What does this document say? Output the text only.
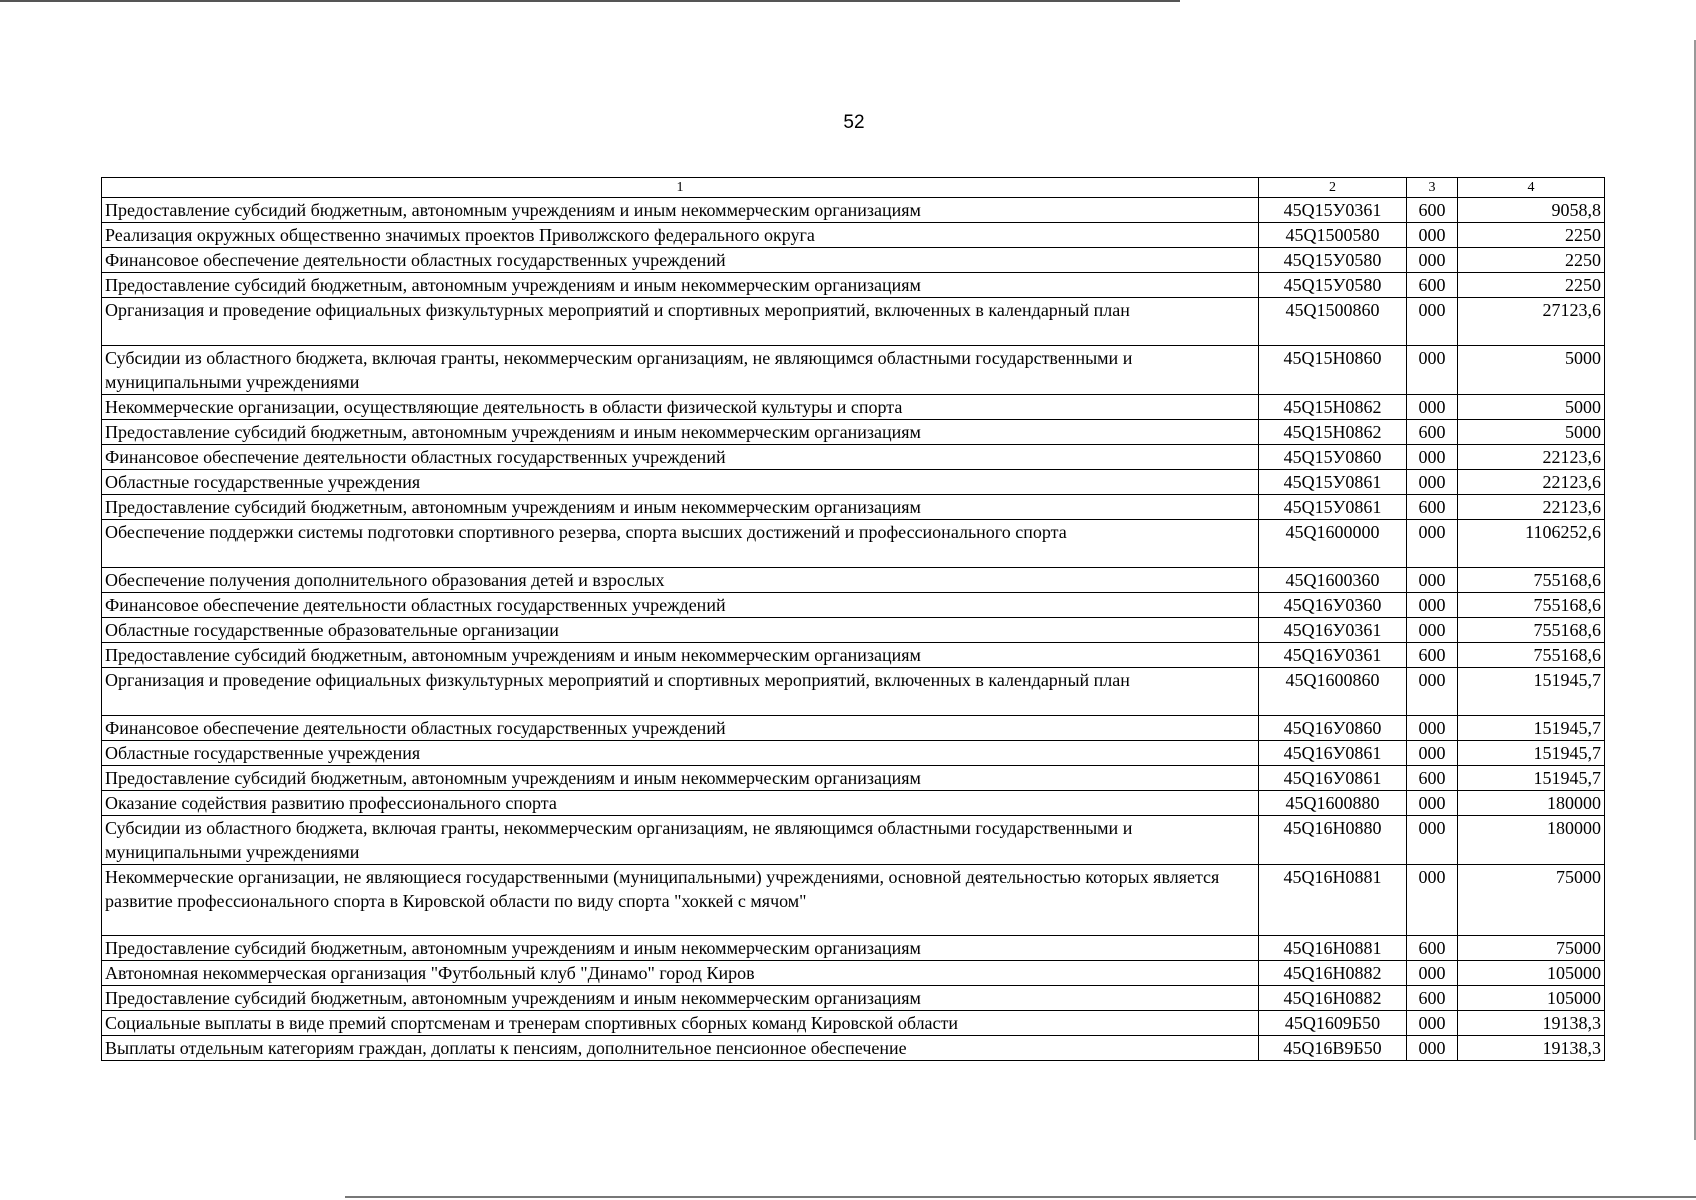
52
1	2	3	4
Предоставление субсидий бюджетным, автономным учреждениям и иным некоммерческим организациям	45Q15У0361	600	9058,8
Реализация окружных общественно значимых проектов Приволжского федерального округа	45Q1500580	000	2250
Финансовое обеспечение деятельности областных государственных учреждений	45Q15У0580	000	2250
Предоставление субсидий бюджетным, автономным учреждениям и иным некоммерческим организациям	45Q15У0580	600	2250
Организация и проведение официальных физкультурных мероприятий и спортивных мероприятий, включенных в календарный план	45Q1500860	000	27123,6
Субсидии из областного бюджета, включая гранты, некоммерческим организациям, не являющимся областными государственными и муниципальными учреждениями	45Q15H0860	000	5000
Некоммерческие организации, осуществляющие деятельность в области физической культуры и спорта	45Q15H0862	000	5000
Предоставление субсидий бюджетным, автономным учреждениям и иным некоммерческим организациям	45Q15H0862	600	5000
Финансовое обеспечение деятельности областных государственных учреждений	45Q15У0860	000	22123,6
Областные государственные учреждения	45Q15У0861	000	22123,6
Предоставление субсидий бюджетным, автономным учреждениям и иным некоммерческим организациям	45Q15У0861	600	22123,6
Обеспечение поддержки системы подготовки спортивного резерва, спорта высших достижений и профессионального спорта	45Q1600000	000	1106252,6
Обеспечение получения дополнительного образования детей и взрослых	45Q1600360	000	755168,6
Финансовое обеспечение деятельности областных государственных учреждений	45Q16У0360	000	755168,6
Областные государственные образовательные организации	45Q16У0361	000	755168,6
Предоставление субсидий бюджетным, автономным учреждениям и иным некоммерческим организациям	45Q16У0361	600	755168,6
Организация и проведение официальных физкультурных мероприятий и спортивных мероприятий, включенных в календарный план	45Q1600860	000	151945,7
Финансовое обеспечение деятельности областных государственных учреждений	45Q16У0860	000	151945,7
Областные государственные учреждения	45Q16У0861	000	151945,7
Предоставление субсидий бюджетным, автономным учреждениям и иным некоммерческим организациям	45Q16У0861	600	151945,7
Оказание содействия развитию профессионального спорта	45Q1600880	000	180000
Субсидии из областного бюджета, включая гранты, некоммерческим организациям, не являющимся областными государственными и муниципальными учреждениями	45Q16H0880	000	180000
Некоммерческие организации, не являющиеся государственными (муниципальными) учреждениями, основной деятельностью которых является развитие профессионального спорта в Кировской области по виду спорта "хоккей с мячом"	45Q16H0881	000	75000
Предоставление субсидий бюджетным, автономным учреждениям и иным некоммерческим организациям	45Q16H0881	600	75000
Автономная некоммерческая организация "Футбольный клуб "Динамо" город Киров	45Q16H0882	000	105000
Предоставление субсидий бюджетным, автономным учреждениям и иным некоммерческим организациям	45Q16H0882	600	105000
Социальные выплаты в виде премий спортсменам и тренерам спортивных сборных команд Кировской области	45Q1609Б50	000	19138,3
Выплаты отдельным категориям граждан, доплаты к пенсиям, дополнительное пенсионное обеспечение	45Q16В9Б50	000	19138,3
